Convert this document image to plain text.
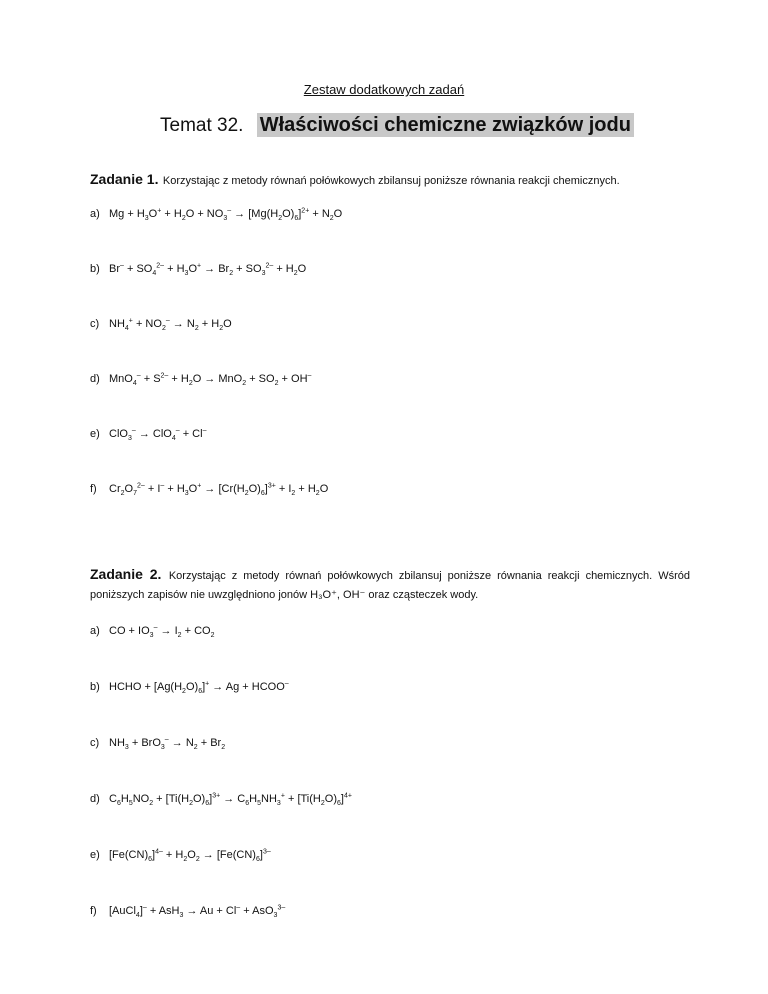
Zestaw dodatkowych zadań
Temat 32. Właściwości chemiczne związków jodu
Zadanie 1. Korzystając z metody równań połówkowych zbilansuj poniższe równania reakcji chemicznych.
a) $Mg + H_3O^+ + H_2O + NO_3^- \to [Mg(H_2O)_6]^{2+} + N_2O$
b) $Br^- + SO_4^{2-} + H_3O^+ \to Br_2 + SO_3^{2-} + H_2O$
c) $NH_4^+ + NO_2^- \to N_2 + H_2O$
d) $MnO_4^- + S^{2-} + H_2O \to MnO_2 + SO_2 + OH^-$
e) ClO$_3$– → ClO$_4$– + Cl–
f) $Cr_2O_7^{2-} + I^- + H_3O^+ \to [Cr(H_2O)_6]^{3+} + I_2 + H_2O$
Zadanie 2. Korzystając z metody równań połówkowych zbilansuj poniższe równania reakcji chemicznych. Wśród poniższych zapisów nie uwzględniono jonów H₃O⁺, OH⁻ oraz cząsteczek wody.
a) CO + $IO_3^- \to I_2 + CO_2$
b) HCHO + $[Ag(H_2O)_6]^+ \to Ag$ + HCOO–
c) $NH_3 + BrO_3^- \to N_2 + Br_2$
d) $C_6H_5NO_2 + [Ti(H_2O)_6]^{3+} \to C_6H_5NH_3^+ + [Ti(H_2O)_6]^{4+}$
e) $[Fe(CN)_6]^{4-} + H_2O_2 \to [Fe(CN)_6]^{3-}$
f) [AuCl$_4$]– + AsH$_3$ → Au + Cl– + AsO$_3^{3-}$
